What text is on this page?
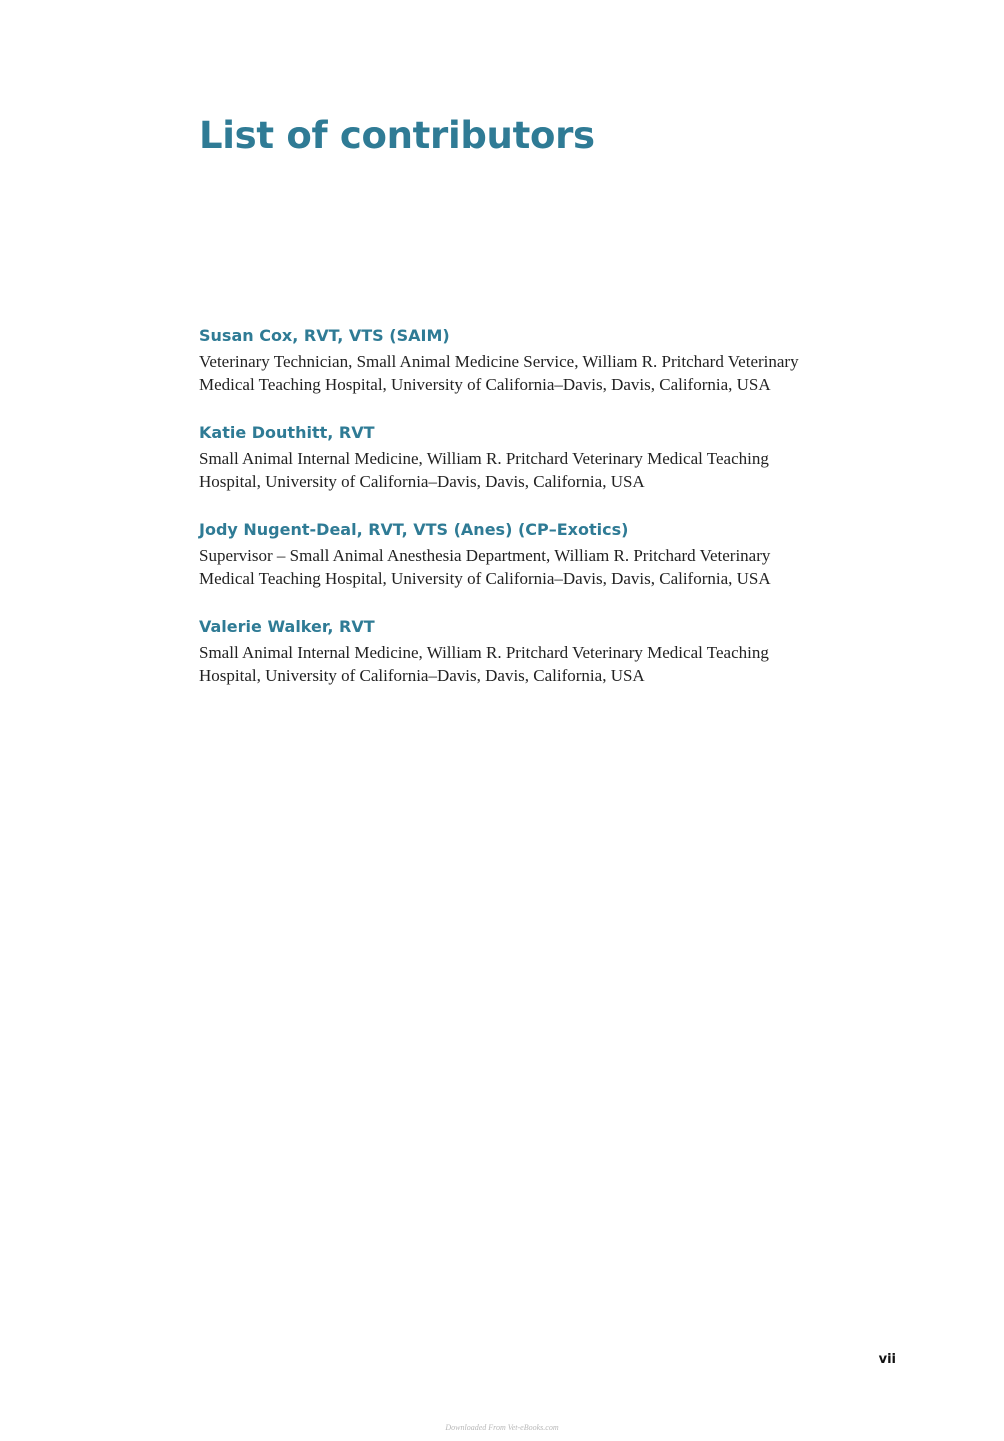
List of contributors
Susan Cox, RVT, VTS (SAIM)

Veterinary Technician, Small Animal Medicine Service, William R. Pritchard Veterinary
Medical Teaching Hospital, University of California–Davis, Davis, California, USA

Katie Douthitt, RVT

Small Animal Internal Medicine, William R. Pritchard Veterinary Medical Teaching
Hospital, University of California–Davis, Davis, California, USA

Jody Nugent-Deal, RVT, VTS (Anes) (CP–Exotics)

Supervisor – Small Animal Anesthesia Department, William R. Pritchard Veterinary
Medical Teaching Hospital, University of California–Davis, Davis, California, USA

Valerie Walker, RVT

Small Animal Internal Medicine, William R. Pritchard Veterinary Medical Teaching
Hospital, University of California–Davis, Davis, California, USA

vii
Downloaded From Vet-eBooks.com
